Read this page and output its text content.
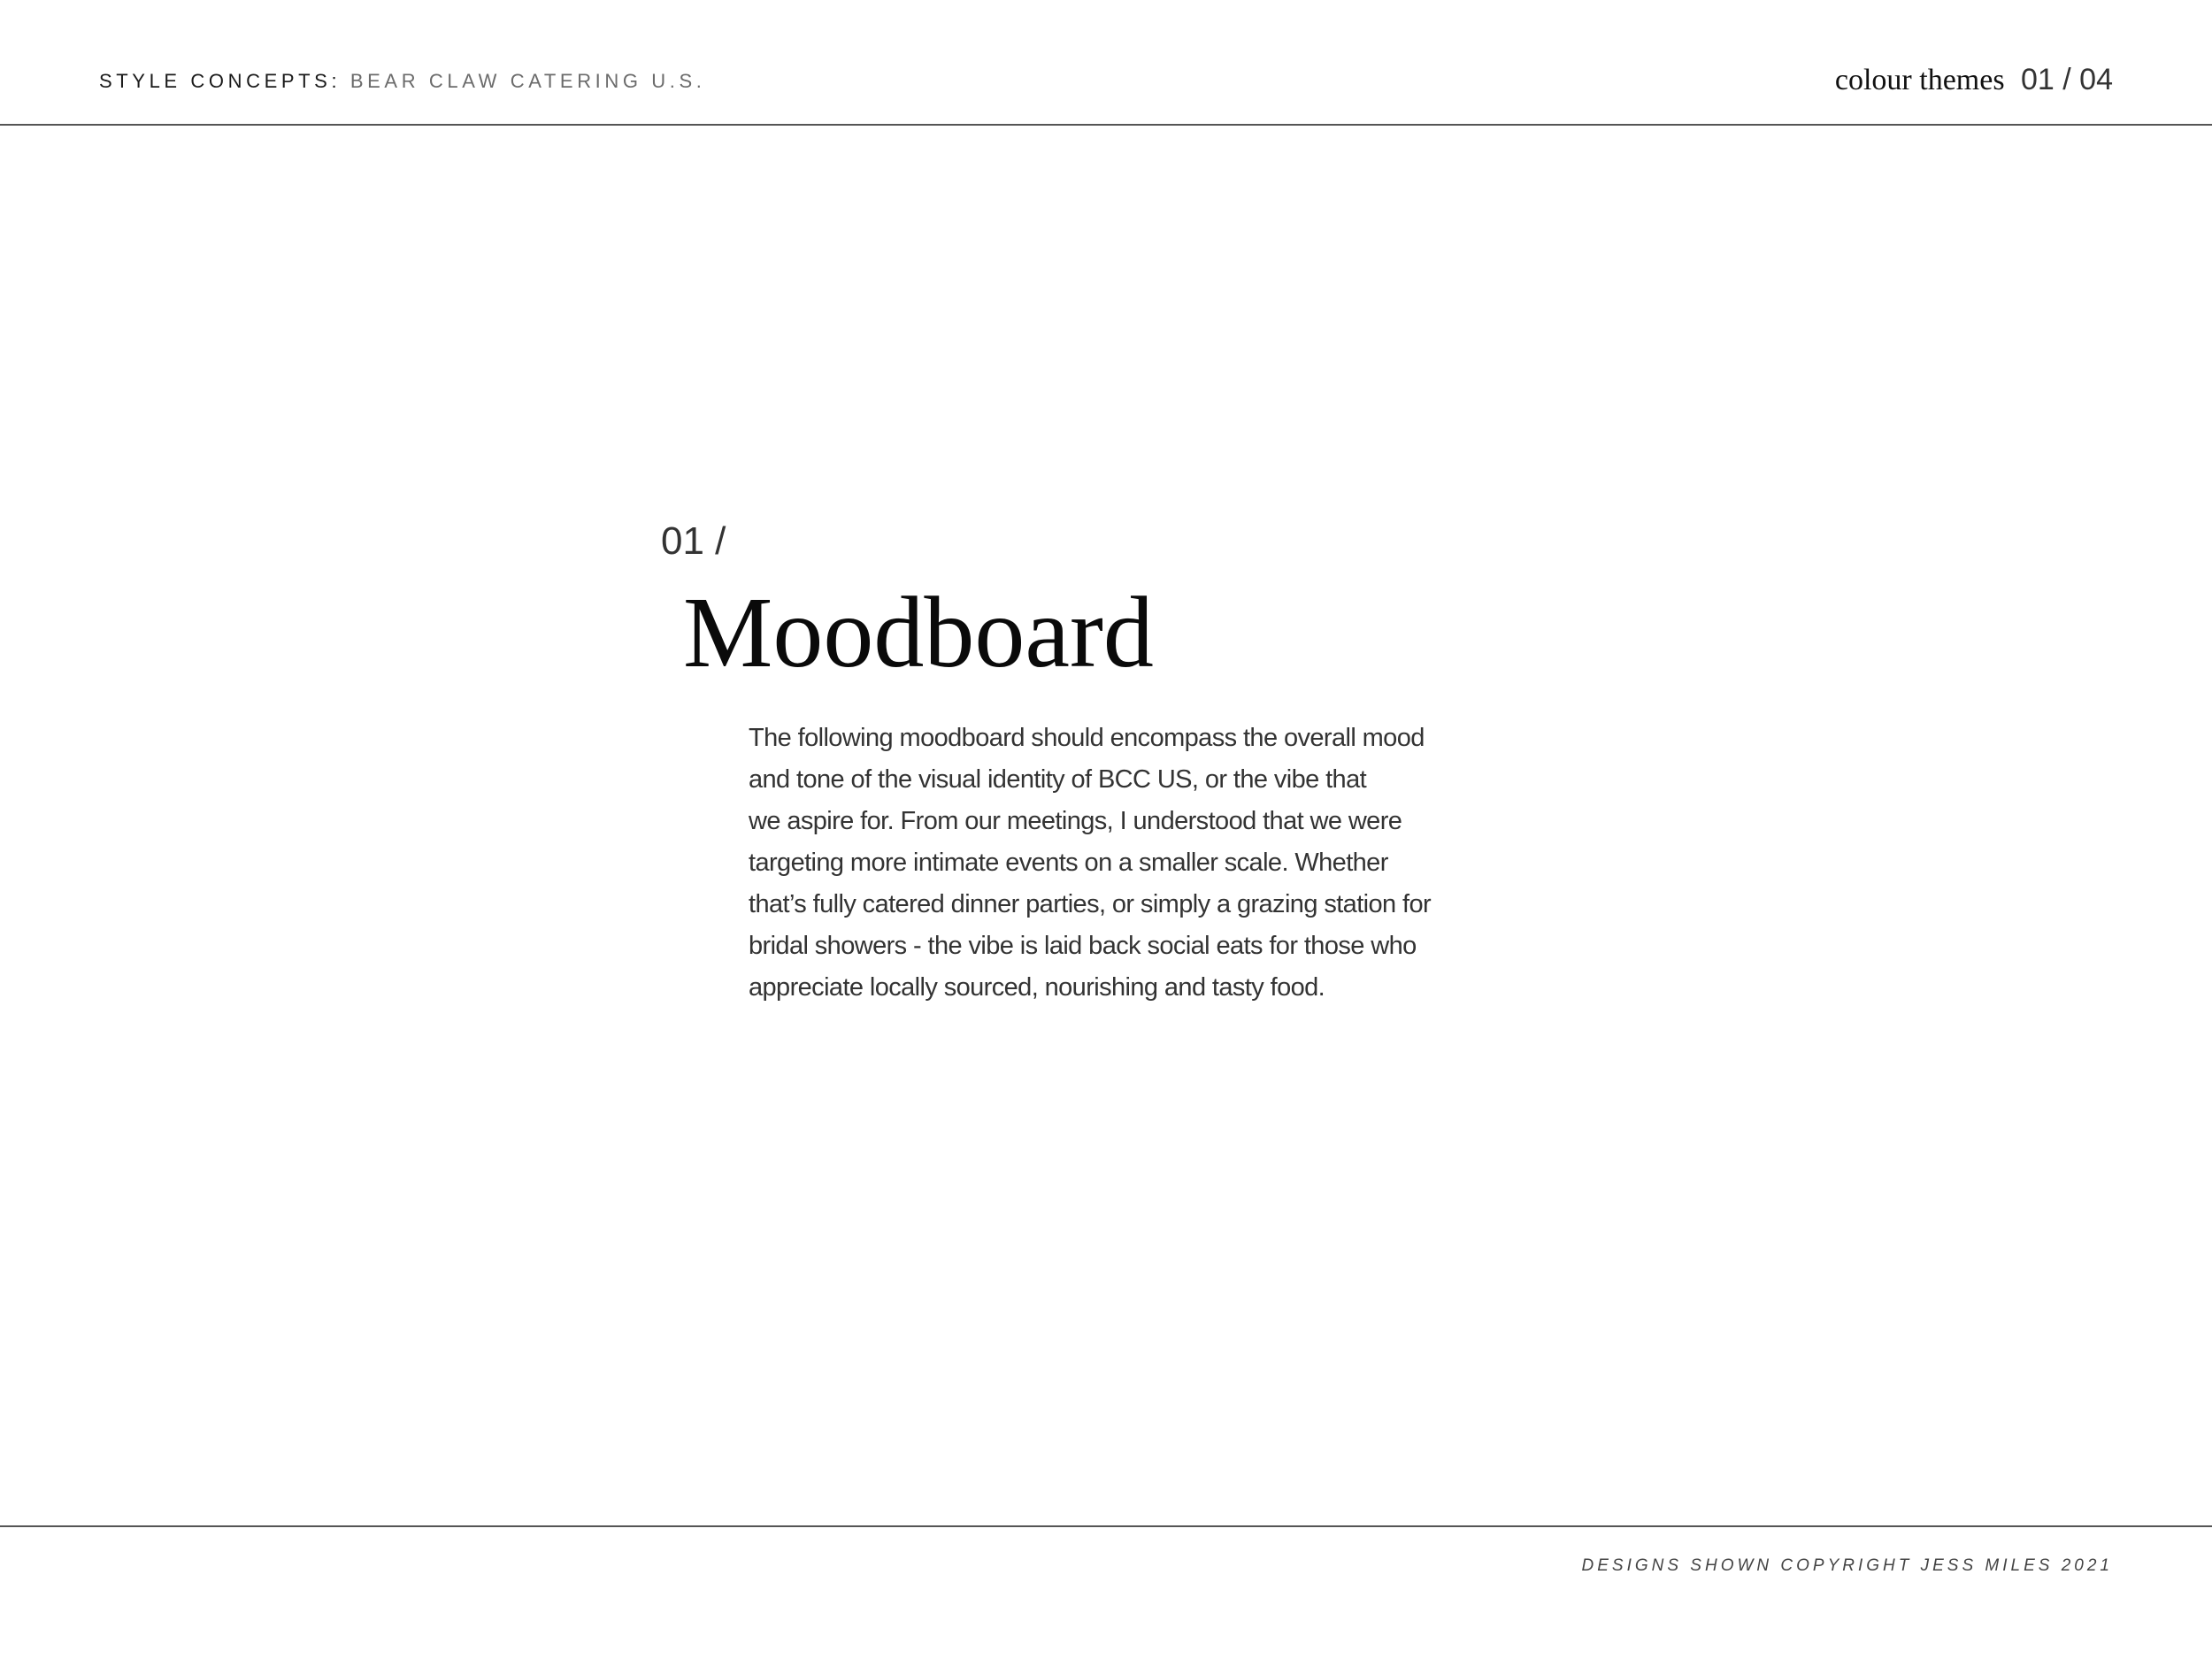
STYLE CONCEPTS: BEAR CLAW CATERING U.S.	colour themes 01 / 04
01 /
Moodboard

The following moodboard should encompass the overall mood

and tone of the visual identity of BCC US, or the vibe that

we aspire for. From our meetings, I understood that we were

targeting more intimate events on a smaller scale. Whether

that’s fully catered dinner parties, or simply a grazing station for

bridal showers - the vibe is laid back social eats for those who

appreciate locally sourced, nourishing and tasty food.

DESIGNS SHOWN COPYRIGHT JESS MILES 2021
